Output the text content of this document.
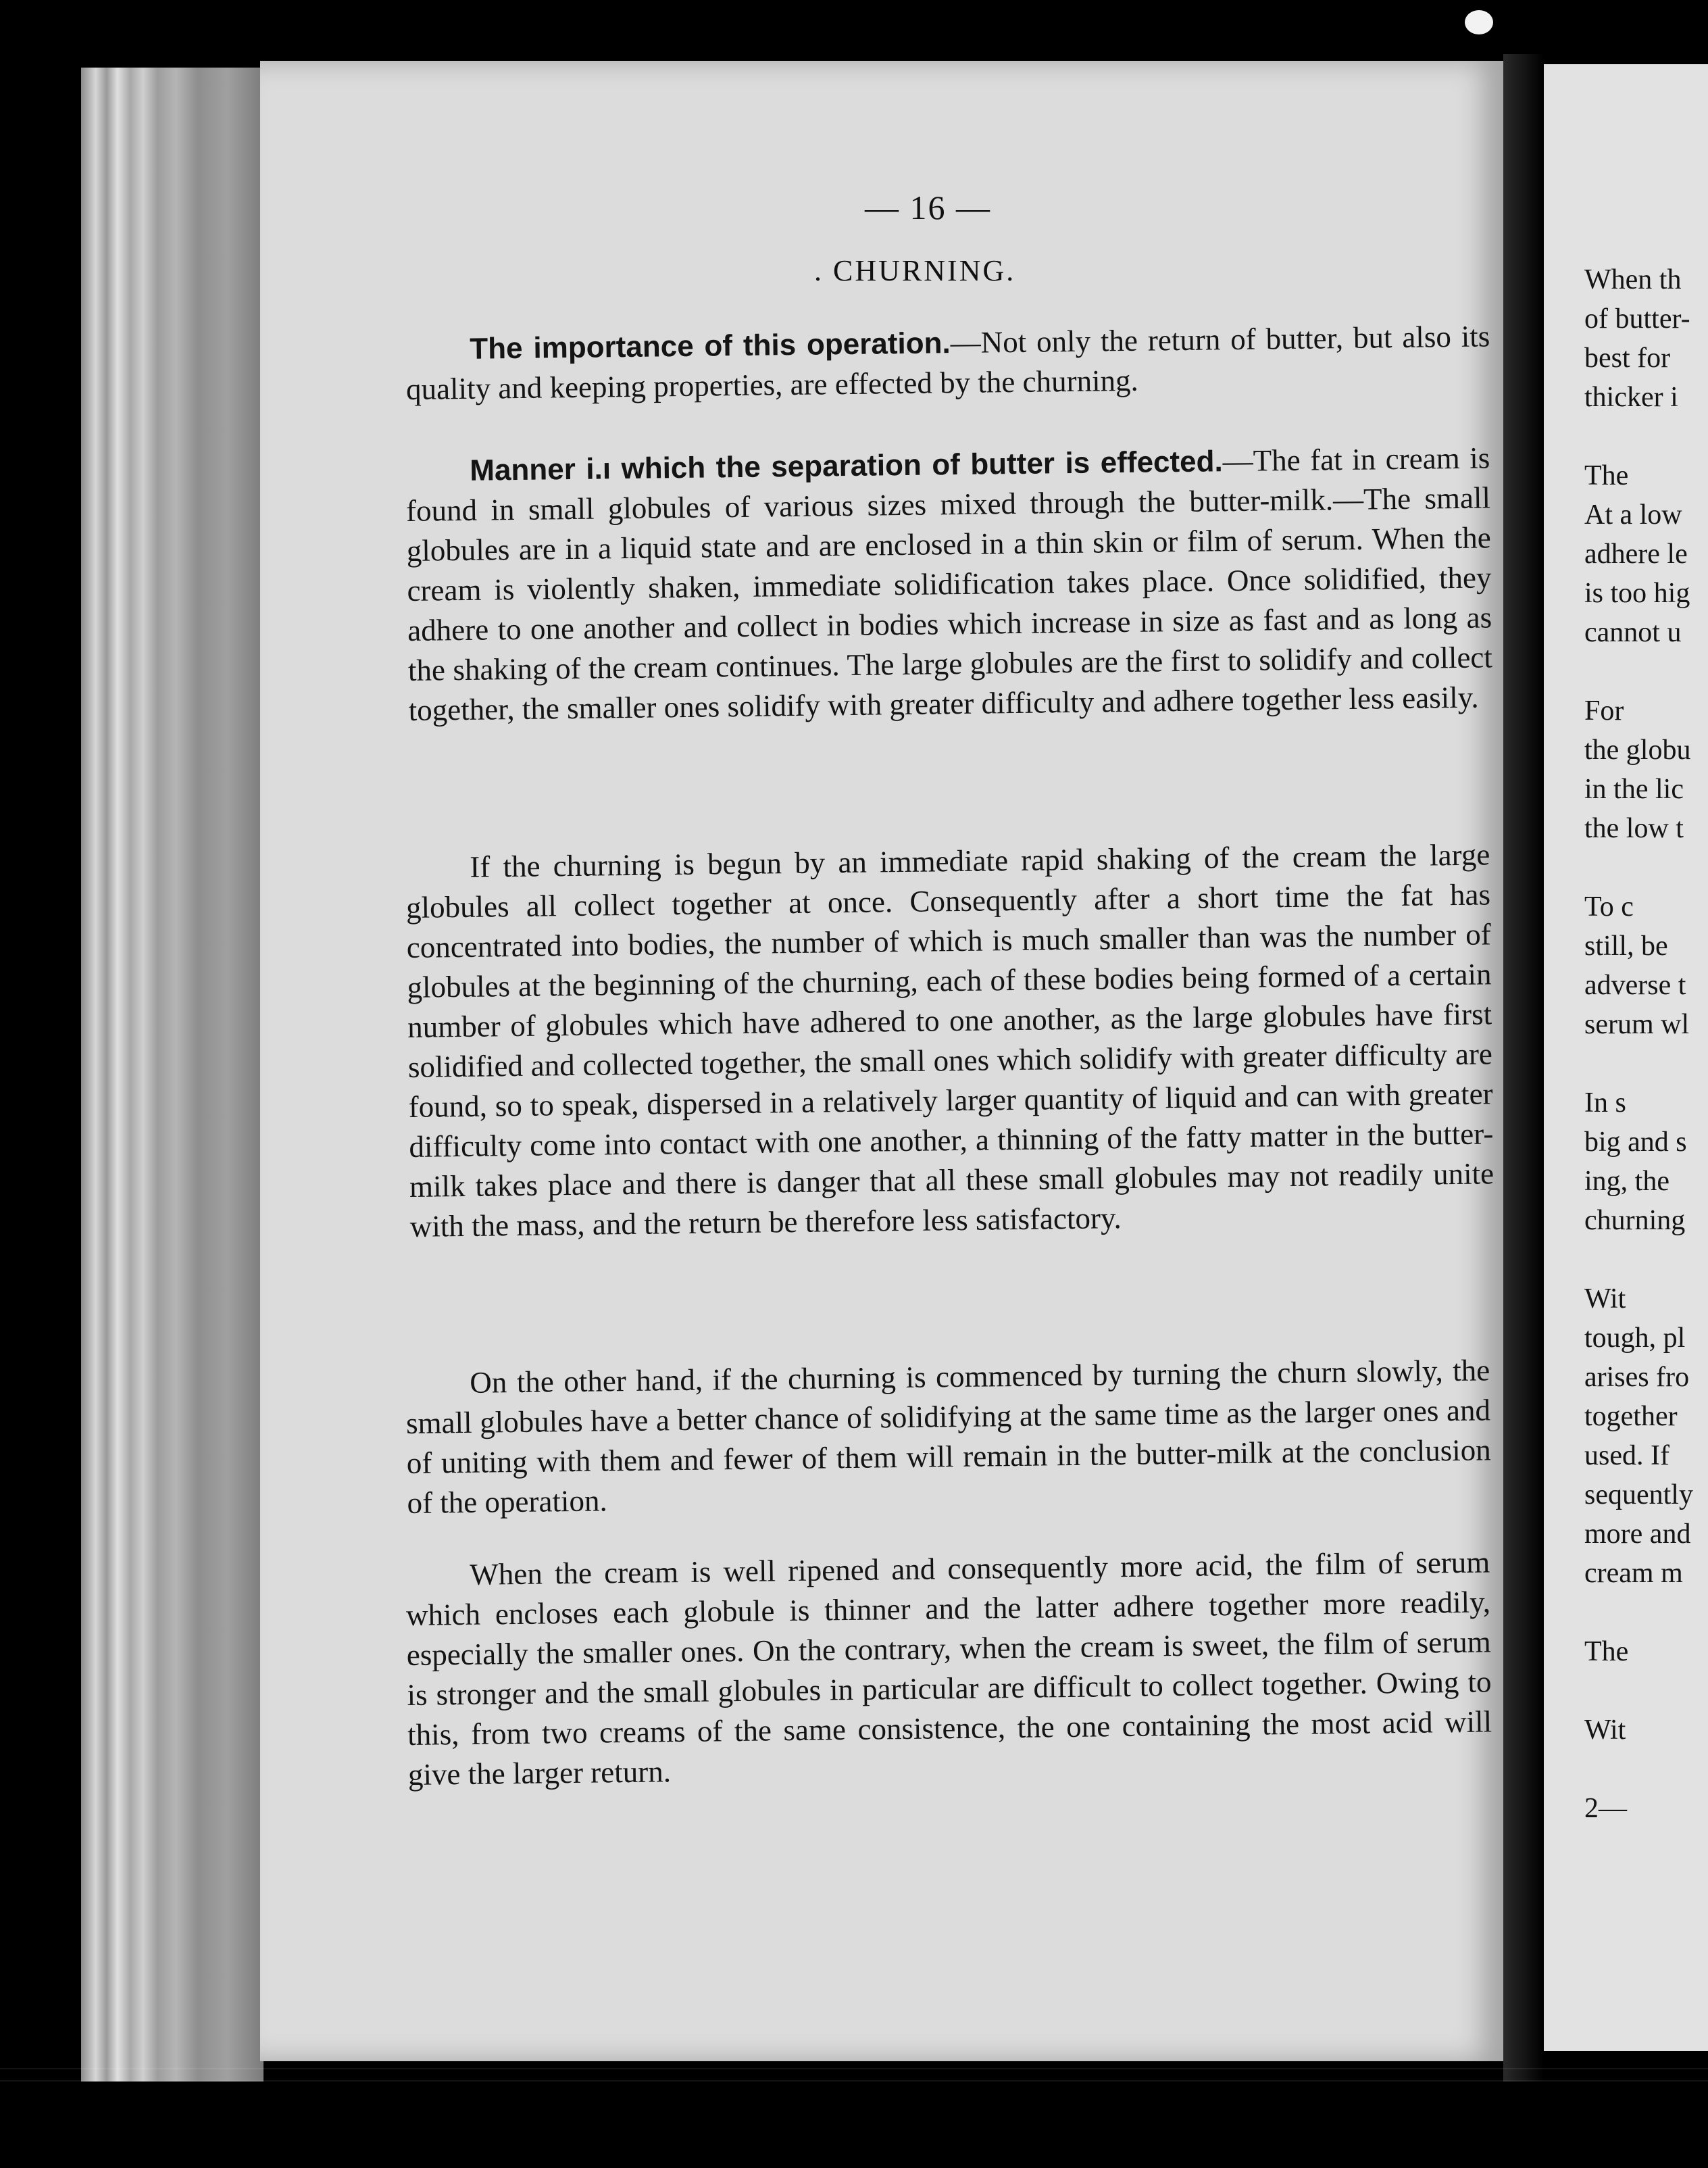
— 16 —
. CHURNING.

The importance of this operation.—Not only the return of butter, but also its quality and keeping properties, are effected by the churning.

Manner i.ı which the separation of butter is effected.—The fat in cream is found in small globules of various sizes mixed through the butter-milk.—The small globules are in a liquid state and are enclosed in a thin skin or film of serum. When the cream is violently shaken, immediate solidification takes place. Once solidified, they adhere to one another and collect in bodies which increase in size as fast and as long as the shaking of the cream continues. The large globules are the first to solidify and collect together, the smaller ones solidify with greater difficulty and adhere together less easily.

If the churning is begun by an immediate rapid shaking of the cream the large globules all collect together at once. Consequently after a short time the fat has concentrated into bodies, the number of which is much smaller than was the number of globules at the beginning of the churning, each of these bodies being formed of a certain number of globules which have adhered to one another, as the large globules have first solidified and collected together, the small ones which solidify with greater difficulty are found, so to speak, dispersed in a relatively larger quantity of liquid and can with greater difficulty come into contact with one another, a thinning of the fatty matter in the butter-milk takes place and there is danger that all these small globules may not readily unite with the mass, and the return be therefore less satisfactory.

On the other hand, if the churning is commenced by turning the churn slowly, the small globules have a better chance of solidifying at the same time as the larger ones and of uniting with them and fewer of them will remain in the butter-milk at the conclusion of the operation.

When the cream is well ripened and consequently more acid, the film of serum which encloses each globule is thinner and the latter adhere together more readily, especially the smaller ones. On the contrary, when the cream is sweet, the film of serum is stronger and the small globules in particular are difficult to collect together. Owing to this, from two creams of the same consistence, the one containing the most acid will give the larger return.

When th
of butter-
best for
thicker i
The
At a low
adhere le
is too hig
cannot u
For
the globu
in the lic
the low t
To c
still, be
adverse t
serum wl
In s
big and s
ing, the
churning
Wit
tough, pl
arises fro
together
used. If
sequently
more and
cream m
The
Wit
2—
